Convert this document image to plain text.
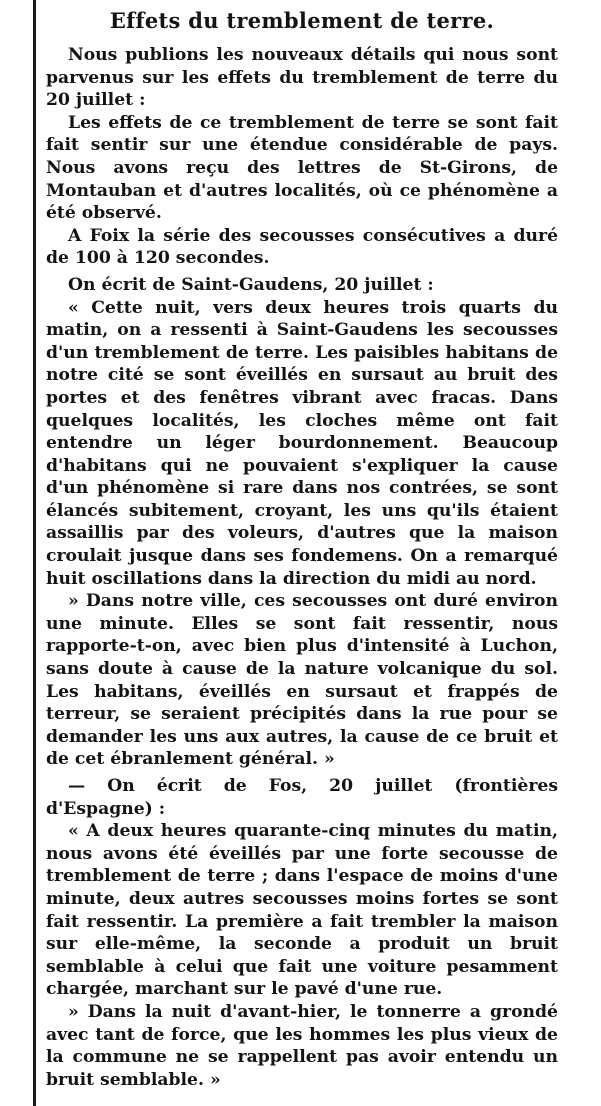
Effets du tremblement de terre.

Nous publions les nouveaux détails qui nous sont parvenus sur les effets du tremblement de terre du 20 juillet :

Les effets de ce tremblement de terre se sont fait fait sentir sur une étendue considérable de pays. Nous avons reçu des lettres de St-Girons, de Montauban et d'autres localités, où ce phénomène a été observé.

A Foix la série des secousses consécutives a duré de 100 à 120 secondes.

On écrit de Saint-Gaudens, 20 juillet :

« Cette nuit, vers deux heures trois quarts du matin, on a ressenti à Saint-Gaudens les secousses d'un tremblement de terre. Les paisibles habitans de notre cité se sont éveillés en sursaut au bruit des portes et des fenêtres vibrant avec fracas. Dans quelques localités, les cloches même ont fait entendre un léger bourdonnement. Beaucoup d'habitans qui ne pouvaient s'expliquer la cause d'un phénomène si rare dans nos contrées, se sont élancés subitement, croyant, les uns qu'ils étaient assaillis par des voleurs, d'autres que la maison croulait jusque dans ses fondemens. On a remarqué huit oscillations dans la direction du midi au nord.

» Dans notre ville, ces secousses ont duré environ une minute. Elles se sont fait ressentir, nous rapporte-t-on, avec bien plus d'intensité à Luchon, sans doute à cause de la nature volcanique du sol. Les habitans, éveillés en sursaut et frappés de terreur, se seraient précipités dans la rue pour se demander les uns aux autres, la cause de ce bruit et de cet ébranlement général. »

— On écrit de Fos, 20 juillet (frontières d'Espagne) :

« A deux heures quarante-cinq minutes du matin, nous avons été éveillés par une forte secousse de tremblement de terre ; dans l'espace de moins d'une minute, deux autres secousses moins fortes se sont fait ressentir. La première a fait trembler la maison sur elle-même, la seconde a produit un bruit semblable à celui que fait une voiture pesamment chargée, marchant sur le pavé d'une rue.

» Dans la nuit d'avant-hier, le tonnerre a grondé avec tant de force, que les hommes les plus vieux de la commune ne se rappellent pas avoir entendu un bruit semblable. »
